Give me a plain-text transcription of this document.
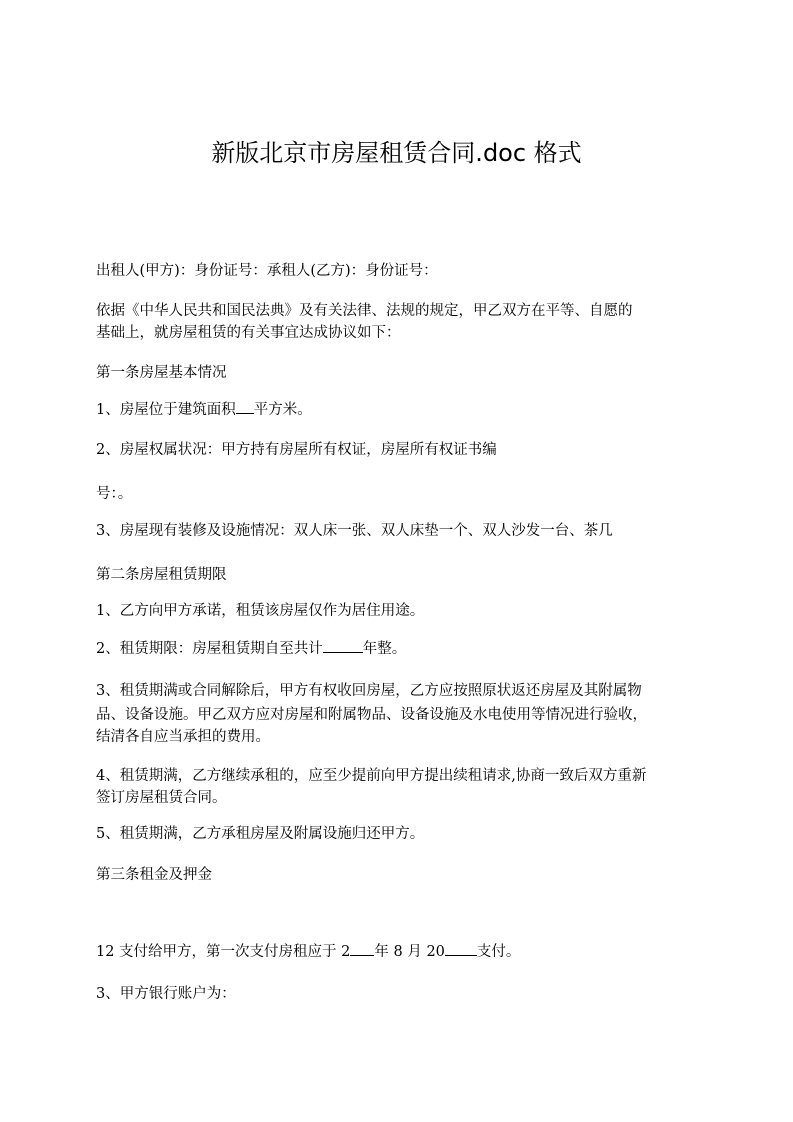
新版北京市房屋租赁合同.doc 格式
出租人(甲方)：身份证号：承租人(乙方)：身份证号：
依据《中华人民共和国民法典》及有关法律、法规的规定，甲乙双方在平等、自愿的
基础上，就房屋租赁的有关事宜达成协议如下：
第一条房屋基本情况
1、房屋位于建筑面积 平方米。
2、房屋权属状况：甲方持有房屋所有权证，房屋所有权证书编
号：。
3、房屋现有装修及设施情况：双人床一张、双人床垫一个、双人沙发一台、茶几
第二条房屋租赁期限
1、乙方向甲方承诺，租赁该房屋仅作为居住用途。
2、租赁期限：房屋租赁期自至共计	年整。
3、租赁期满或合同解除后，甲方有权收回房屋，乙方应按照原状返还房屋及其附属物
品、设备设施。甲乙双方应对房屋和附属物品、设备设施及水电使用等情况进行验收，
结清各自应当承担的费用。
4、租赁期满，乙方继续承租的，应至少提前向甲方提出续租请求,协商一致后双方重新
签订房屋租赁合同。
5、租赁期满，乙方承租房屋及附属设施归还甲方。
第三条租金及押金
12 支付给甲方，第一次支付房租应于 2 年 8 月 20 支付。
3、甲方银行账户为：
